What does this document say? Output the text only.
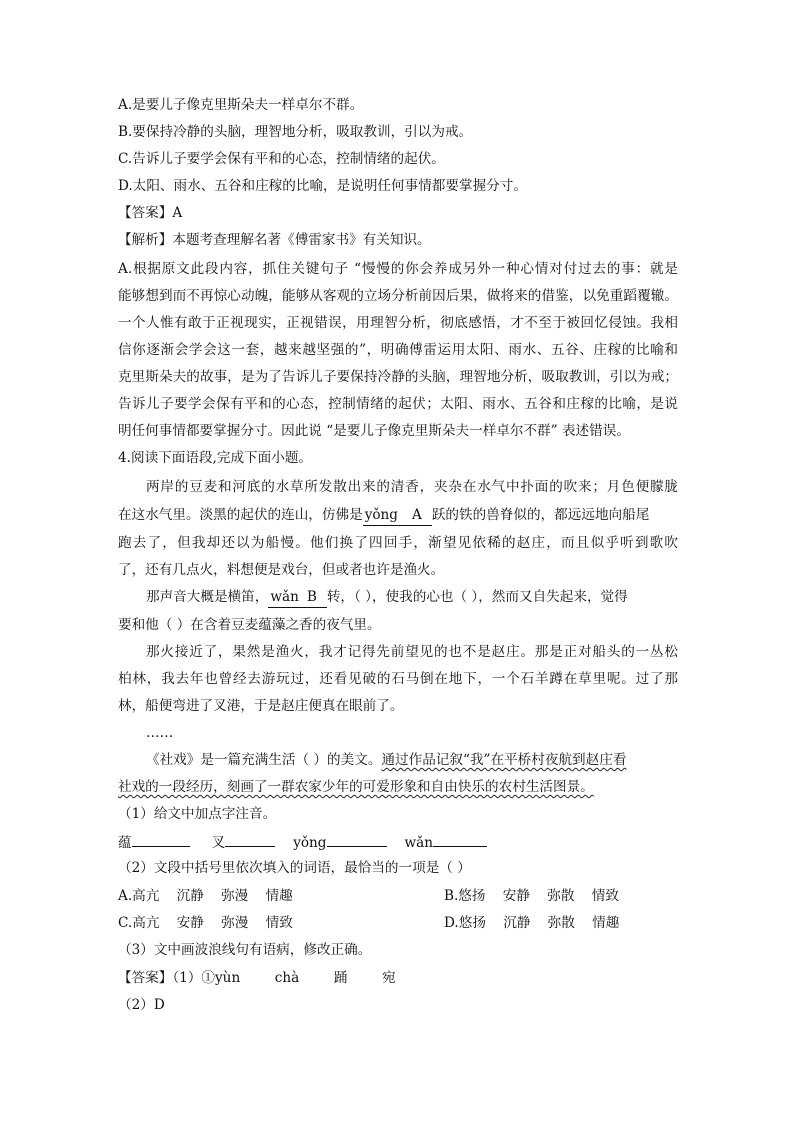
A.是要儿子像克里斯朵夫一样卓尔不群。
B.要保持冷静的头脑，理智地分析，吸取教训，引以为戒。
C.告诉儿子要学会保有平和的心态，控制情绪的起伏。
D.太阳、雨水、五谷和庄稼的比喻，是说明任何事情都要掌握分寸。
【答案】A
【解析】本题考查理解名著《傅雷家书》有关知识。
A.根据原文此段内容，抓住关键句子 “慢慢的你会养成另外一种心情对付过去的事：就是
能够想到而不再惊心动魄，能够从客观的立场分析前因后果，做将来的借鉴，以免重蹈覆辙。
一个人惟有敢于正视现实，正视错误，用理智分析，彻底感悟，才不至于被回忆侵蚀。我相
信你逐渐会学会这一套，越来越坚强的”，明确傅雷运用太阳、雨水、五谷、庄稼的比喻和
克里斯朵夫的故事，是为了告诉儿子要保持冷静的头脑，理智地分析，吸取教训，引以为戒；
告诉儿子要学会保有平和的心态，控制情绪的起伏；太阳、雨水、五谷和庄稼的比喻，是说
明任何事情都要掌握分寸。因此说 “是要儿子像克里斯朵夫一样卓尔不群” 表述错误。
4.阅读下面语段,完成下面小题。
两岸的豆麦和河底的水草所发散出来的清香，夹杂在水气中扑面的吹来；月色便朦胧
在这水气里。淡黑的起伏的连山，仿佛是 yǒng A 跃的铁的兽脊似的，都远远地向船尾
跑去了，但我却还以为船慢。他们换了四回手，渐望见依稀的赵庄，而且似乎听到歌吹
了，还有几点火，料想便是戏台，但或者也许是渔火。
那声音大概是横笛， wǎn B 转，（ ），使我的心也（ ），然而又自失起来，觉得
要和他（ ）在含着豆麦蕴藻之香的夜气里。
那火接近了，果然是渔火，我才记得先前望见的也不是赵庄。那是正对船头的一丛松
柏林，我去年也曾经去游玩过，还看见破的石马倒在地下，一个石羊蹲在草里呢。过了那
林，船便弯进了叉港，于是赵庄便真在眼前了。
……
《社戏》是一篇充满生活（ ）的美文。通过作品记叙“我”在平桥村夜航到赵庄看
社戏的一段经历，刻画了一群农家少年的可爱形象和自由快乐的农村生活图景。
（1）给文中加点字注音。
蕴	叉	yǒng	wǎn
（2）文段中括号里依次填入的词语，最恰当的一项是（ ）
A.高亢    沉静    弥漫    情趣	B.悠扬    安静    弥散    情致
C.高亢    安静    弥漫    情致	D.悠扬    沉静    弥散    情趣
（3）文中画波浪线句有语病，修改正确。
【答案】（1）①yùn        chà        踊        宛
（2）D
